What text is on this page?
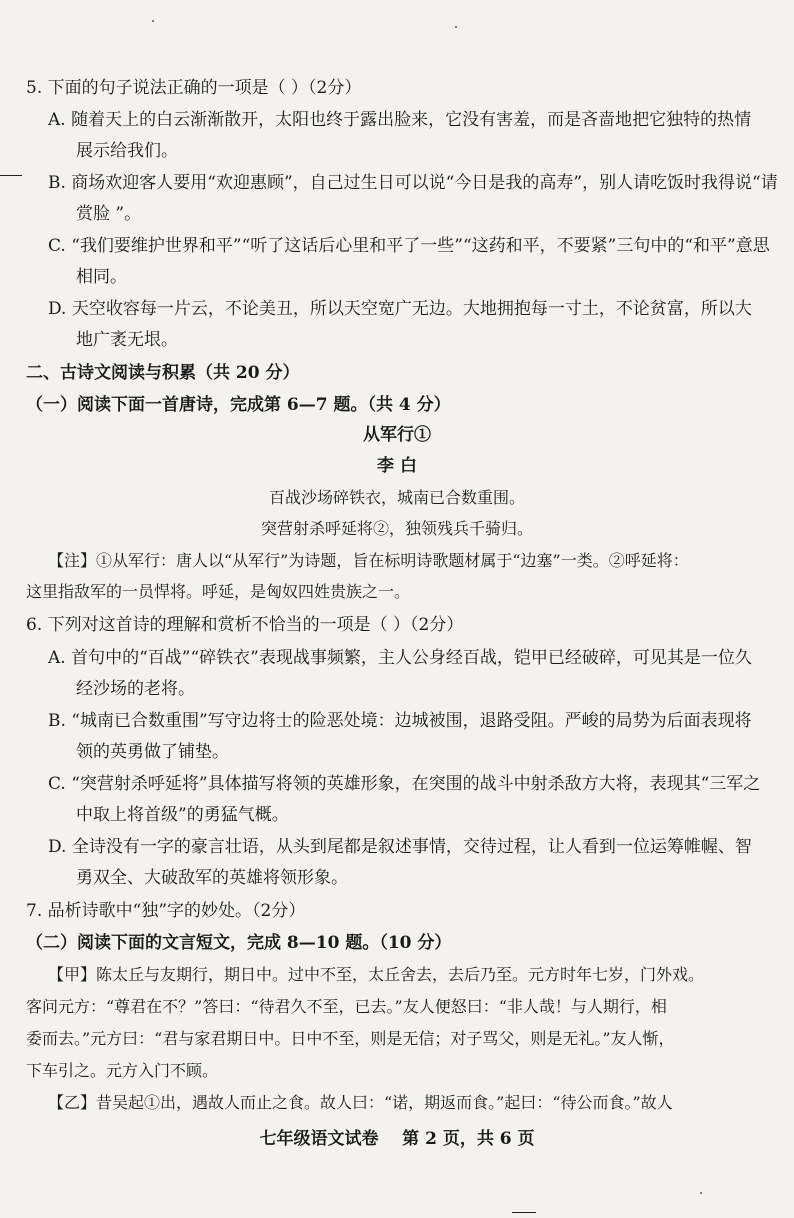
5. 下面的句子说法正确的一项是（ ）（2分）
A. 随着天上的白云渐渐散开，太阳也终于露出脸来，它没有害羞，而是吝啬地把它独特的热情
展示给我们。
B. 商场欢迎客人要用“欢迎惠顾”，自己过生日可以说“今日是我的高寿”，别人请吃饭时我得说“请
赏脸 ”。
C. “我们要维护世界和平”“听了这话后心里和平了一些”“这药和平，不要紧”三句中的“和平”意思
相同。
D. 天空收容每一片云，不论美丑，所以天空宽广无边。大地拥抱每一寸土，不论贫富，所以大
地广袤无垠。
二、古诗文阅读与积累（共 20 分）
（一）阅读下面一首唐诗，完成第 6—7 题。（共 4 分）
从军行①
李 白
百战沙场碎铁衣，城南已合数重围。
突营射杀呼延将②，独领残兵千骑归。
【注】①从军行：唐人以“从军行”为诗题，旨在标明诗歌题材属于“边塞”一类。②呼延将：
这里指敌军的一员悍将。呼延，是匈奴四姓贵族之一。
6. 下列对这首诗的理解和赏析不恰当的一项是（ ）（2分）
A. 首句中的“百战”“碎铁衣”表现战事频繁，主人公身经百战，铠甲已经破碎，可见其是一位久
经沙场的老将。
B. “城南已合数重围”写守边将士的险恶处境：边城被围，退路受阻。严峻的局势为后面表现将
领的英勇做了铺垫。
C. “突营射杀呼延将”具体描写将领的英雄形象，在突围的战斗中射杀敌方大将，表现其“三军之
中取上将首级”的勇猛气概。
D. 全诗没有一字的豪言壮语，从头到尾都是叙述事情，交待过程，让人看到一位运筹帷幄、智
勇双全、大破敌军的英雄将领形象。
7. 品析诗歌中“独”字的妙处。（2分）
（二）阅读下面的文言短文，完成 8—10 题。（10 分）
【甲】陈太丘与友期行，期日中。过中不至，太丘舍去，去后乃至。元方时年七岁，门外戏。
客问元方：“尊君在不？”答曰：“待君久不至，已去。”友人便怒曰：“非人哉！与人期行，相
委而去。”元方曰：“君与家君期日中。日中不至，则是无信；对子骂父，则是无礼。”友人惭，
下车引之。元方入门不顾。
【乙】昔吴起①出，遇故人而止之食。故人曰：“诺，期返而食。”起曰：“待公而食。”故人
七年级语文试卷    第 2 页，共 6 页
